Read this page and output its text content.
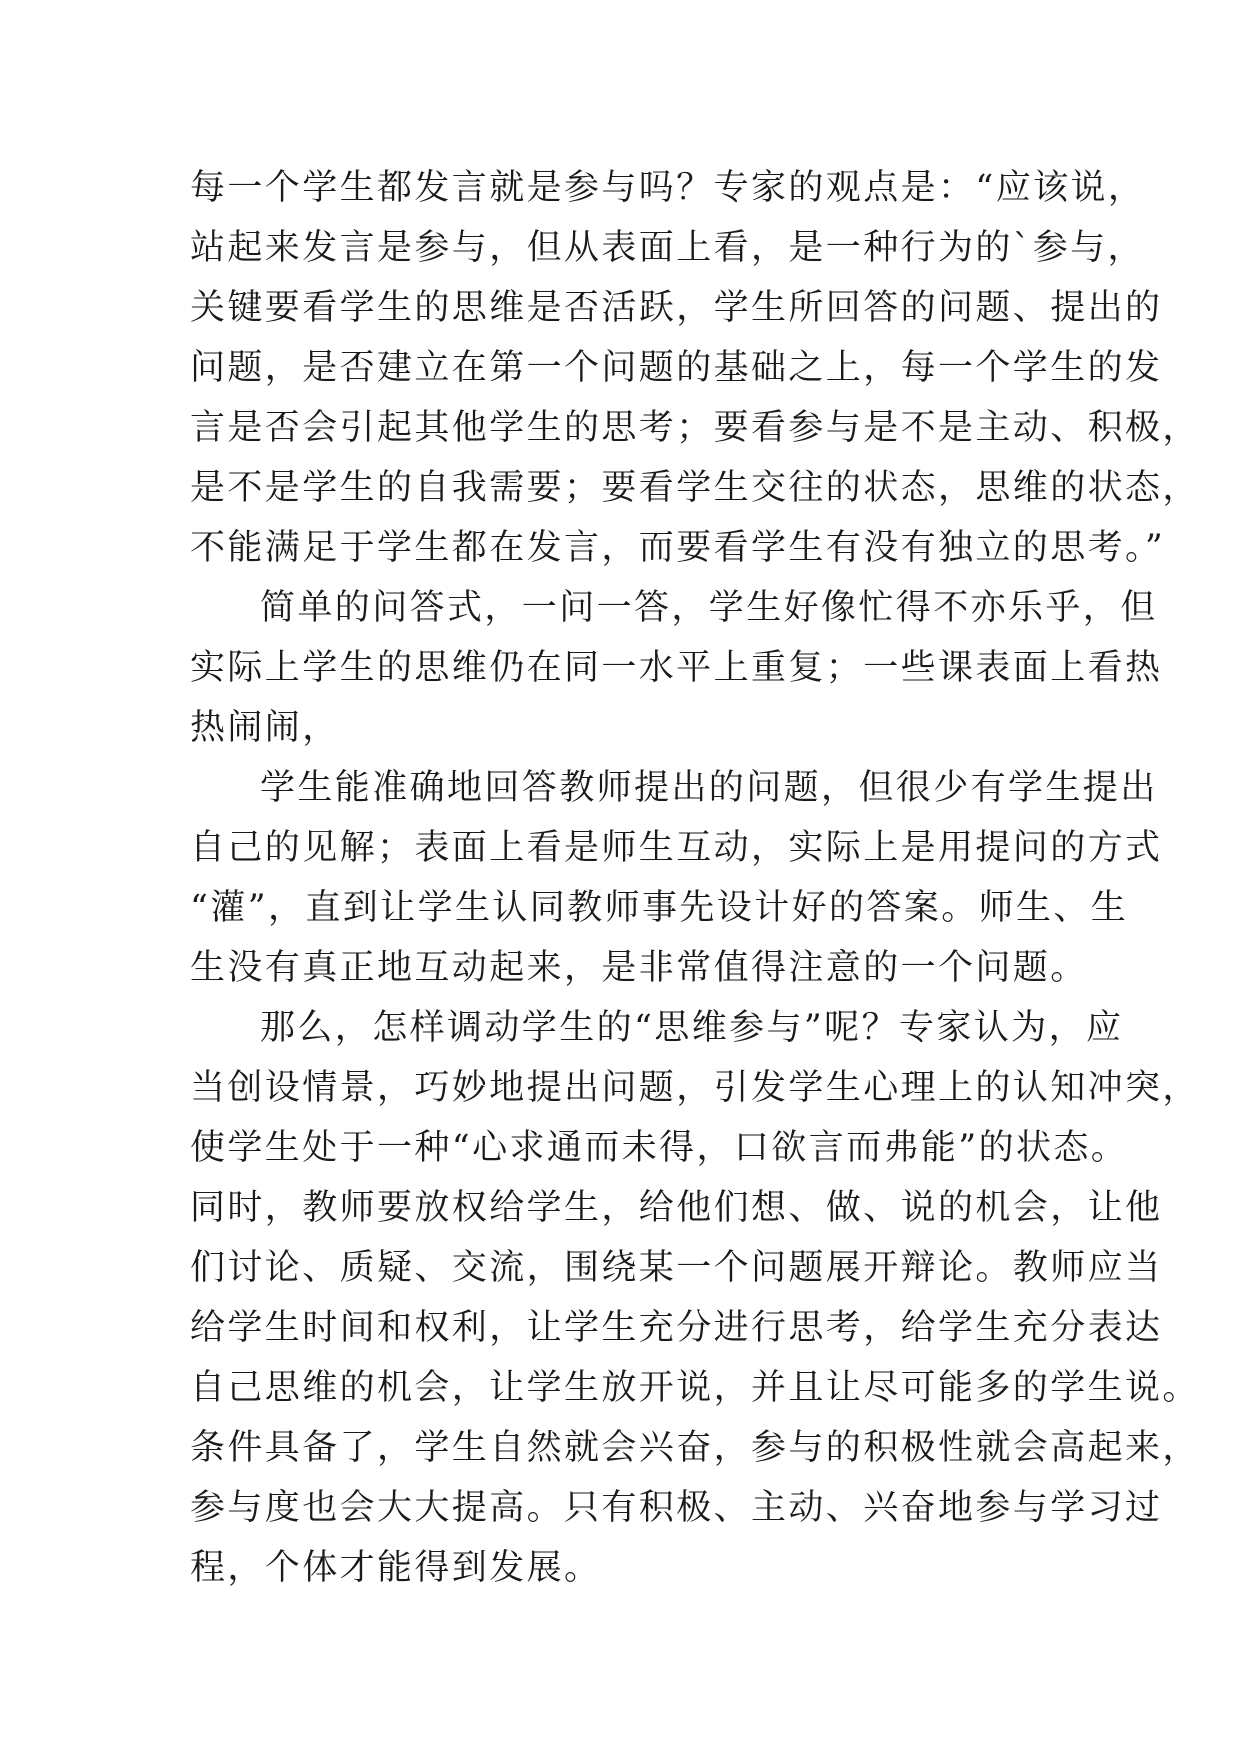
每一个学生都发言就是参与吗？专家的观点是：“应该说，
站起来发言是参与，但从表面上看，是一种行为的`参与，
关键要看学生的思维是否活跃，学生所回答的问题、提出的
问题，是否建立在第一个问题的基础之上，每一个学生的发
言是否会引起其他学生的思考；要看参与是不是主动、积极，
是不是学生的自我需要；要看学生交往的状态，思维的状态，
不能满足于学生都在发言，而要看学生有没有独立的思考。”
简单的问答式，一问一答，学生好像忙得不亦乐乎，但
实际上学生的思维仍在同一水平上重复；一些课表面上看热
热闹闹，
学生能准确地回答教师提出的问题，但很少有学生提出
自己的见解；表面上看是师生互动，实际上是用提问的方式
“灌”，直到让学生认同教师事先设计好的答案。师生、生
生没有真正地互动起来，是非常值得注意的一个问题。
那么，怎样调动学生的“思维参与”呢？专家认为，应
当创设情景，巧妙地提出问题，引发学生心理上的认知冲突，
使学生处于一种“心求通而未得，口欲言而弗能”的状态。
同时，教师要放权给学生，给他们想、做、说的机会，让他
们讨论、质疑、交流，围绕某一个问题展开辩论。教师应当
给学生时间和权利，让学生充分进行思考，给学生充分表达
自己思维的机会，让学生放开说，并且让尽可能多的学生说。
条件具备了，学生自然就会兴奋，参与的积极性就会高起来，
参与度也会大大提高。只有积极、主动、兴奋地参与学习过
程，个体才能得到发展。
